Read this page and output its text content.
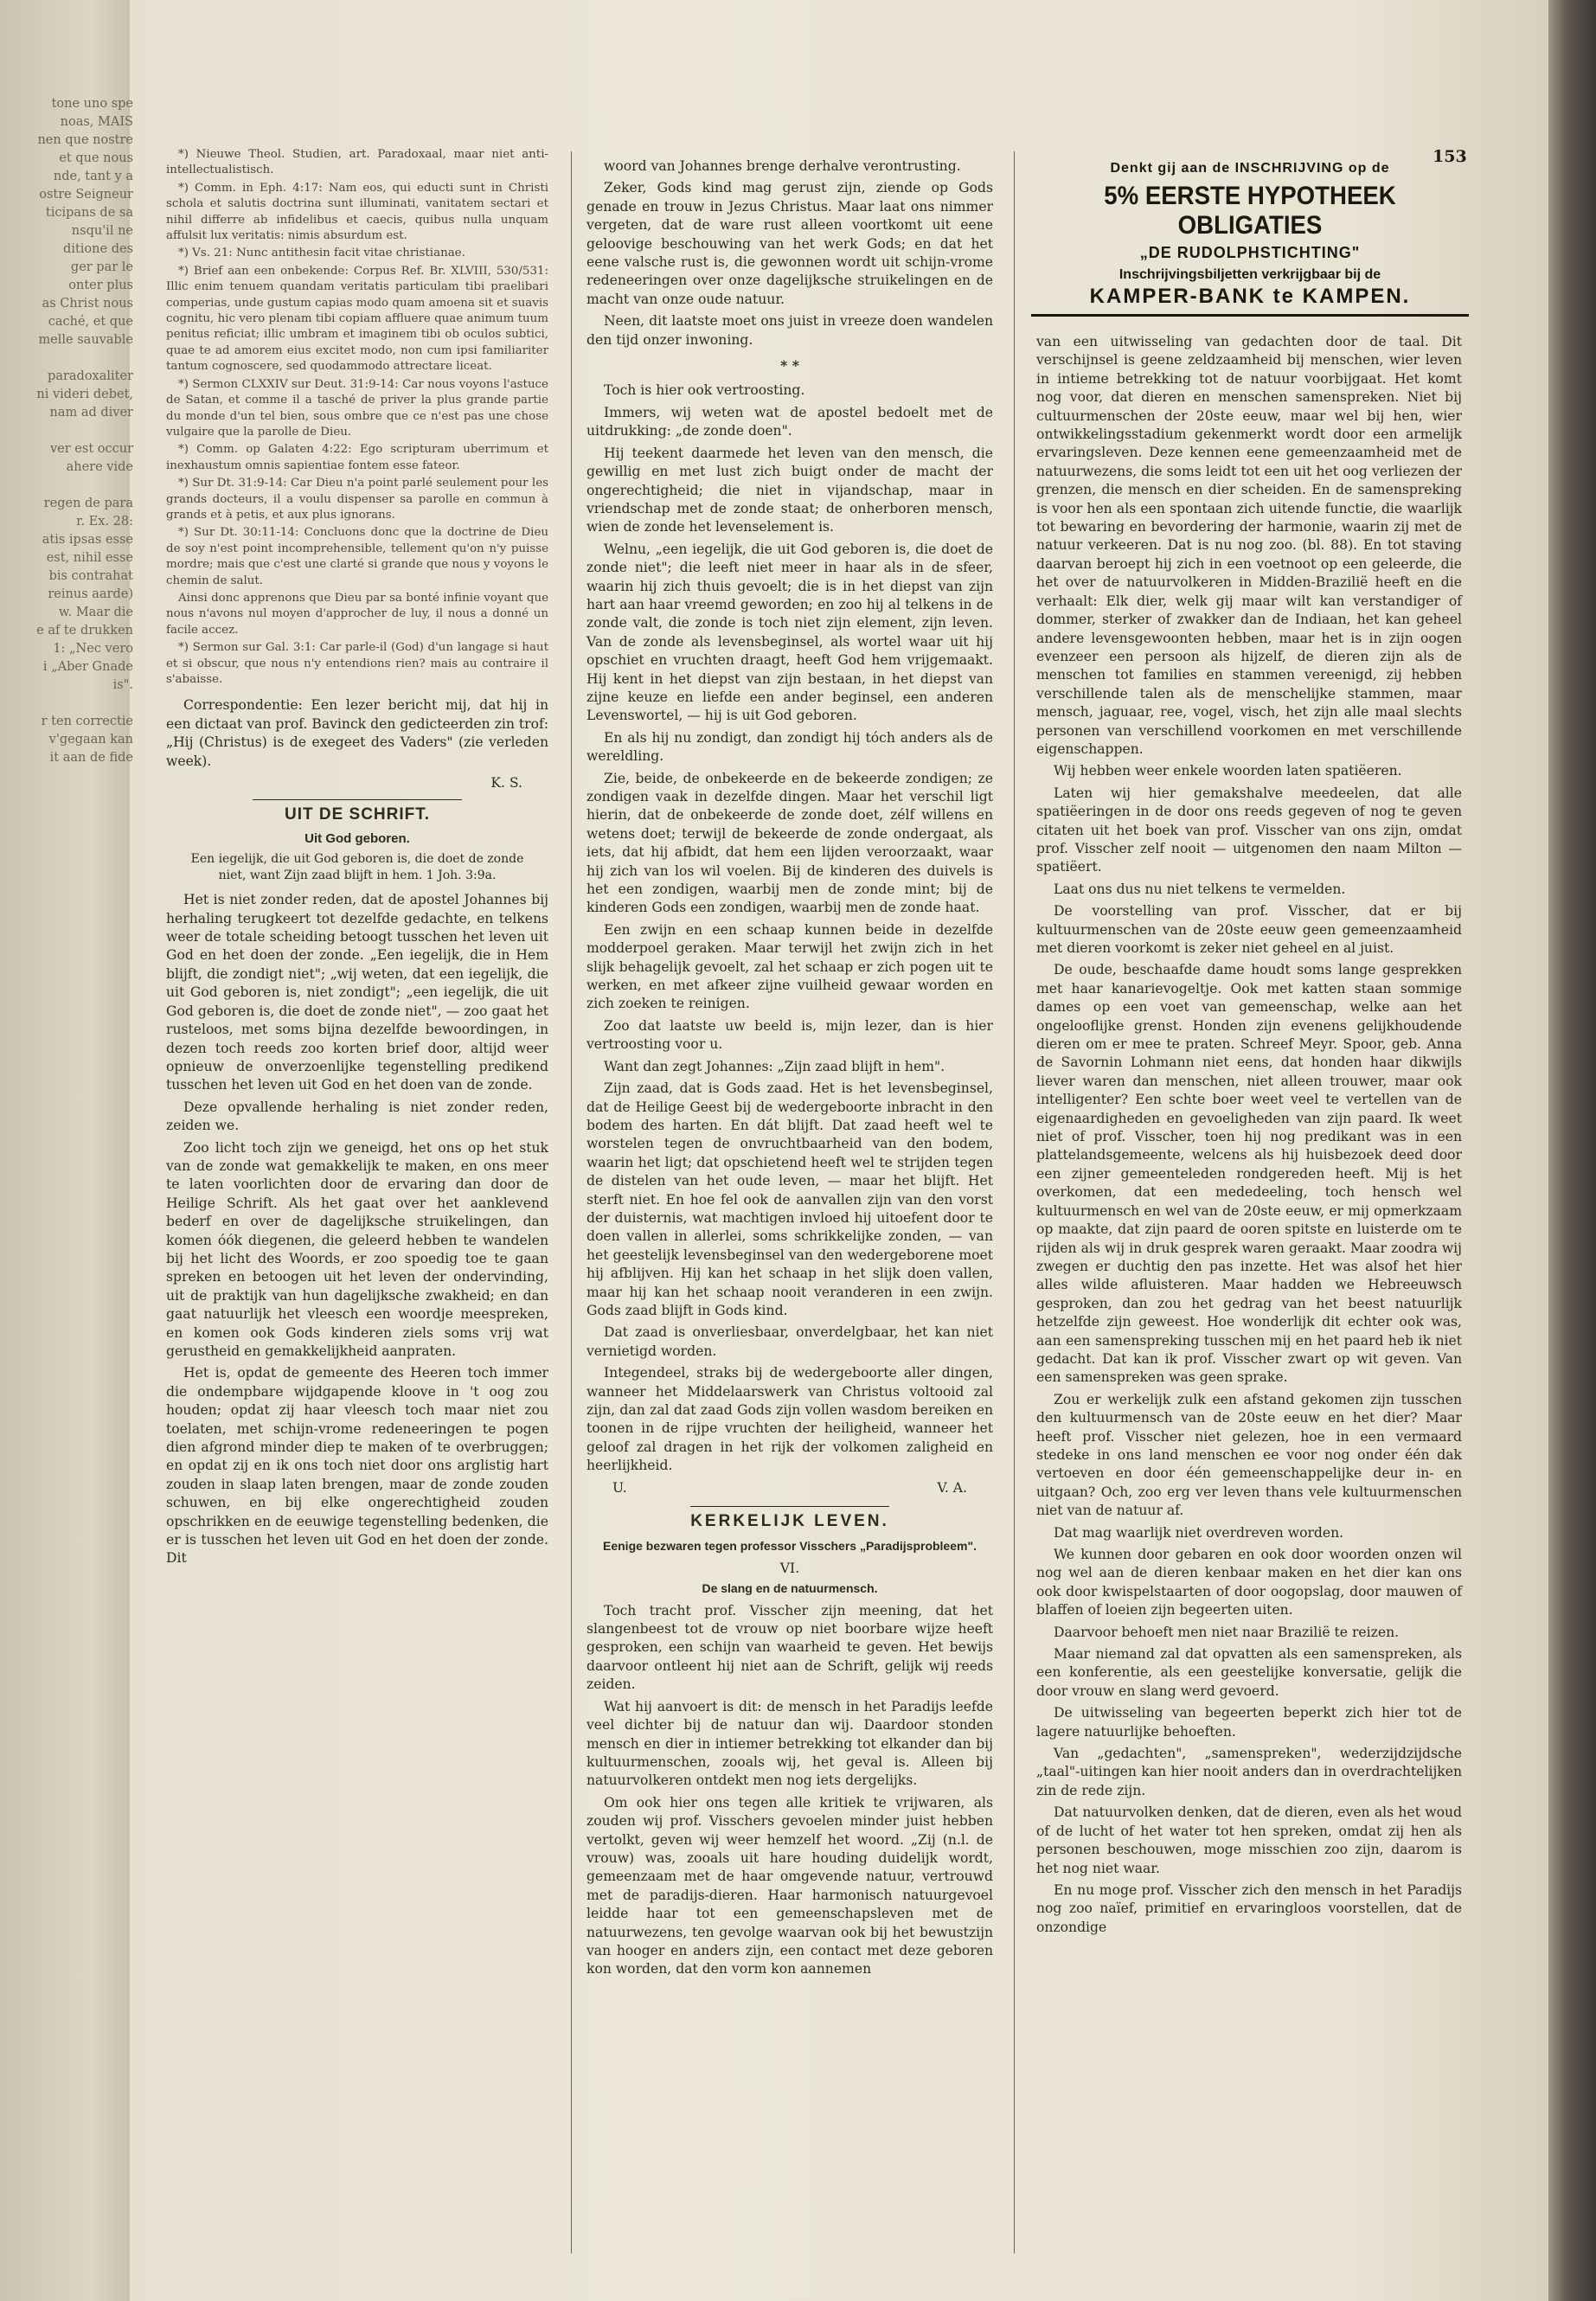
tone uno spe
noas, MAIS
nen que nostre
et que nous
nde, tant y a
ostre Seigneur
ticipans de sa
nsqu'il ne
ditione des
ger par le
onter plus
as Christ nous
caché, et que
melle sauvable

paradoxaliter
ni videri debet,
nam ad diver

ver est occur
ahere vide

regen de para
r. Ex. 28:
atis ipsas esse
est, nihil esse
bis contrahat
reinus aarde)
w. Maar die
e af te drukken
1: „Nec vero
i „Aber Gnade
is".

r ten correctie
v'gegaan kan
it aan de fide
153
Denkt gij aan de INSCHRIJVING op de
5% EERSTE HYPOTHEEK OBLIGATIES
„DE RUDOLPHSTICHTING"
Inschrijvingsbiljetten verkrijgbaar bij de
KAMPER-BANK te KAMPEN.

*) Nieuwe Theol. Studien, art. Paradoxaal, maar niet anti-intellectualistisch.

*) Comm. in Eph. 4:17: Nam eos, qui educti sunt in Christi schola et salutis doctrina sunt illuminati, vanitatem sectari et nihil differre ab infidelibus et caecis, quibus nulla unquam affulsit lux veritatis: nimis absurdum est.

*) Vs. 21: Nunc antithesin facit vitae christianae.

*) Brief aan een onbekende: Corpus Ref. Br. XLVIII, 530/531: Illic enim tenuem quandam veritatis particulam tibi praelibari comperias, unde gustum capias modo quam amoena sit et suavis cognitu, hic vero plenam tibi copiam affluere quae animum tuum penitus reficiat; illic umbram et imaginem tibi ob oculos subtici, quae te ad amorem eius excitet modo, non cum ipsi familiariter tantum cognoscere, sed quodammodo attrectare liceat.

*) Sermon CLXXIV sur Deut. 31:9-14: Car nous voyons l'astuce de Satan, et comme il a tasché de priver la plus grande partie du monde d'un tel bien, sous ombre que ce n'est pas une chose vulgaire que la parolle de Dieu.

*) Comm. op Galaten 4:22: Ego scripturam uberrimum et inexhaustum omnis sapientiae fontem esse fateor.

*) Sur Dt. 31:9-14: Car Dieu n'a point parlé seulement pour les grands docteurs, il a voulu dispenser sa parolle en commun à grands et à petis, et aux plus ignorans.

*) Sur Dt. 30:11-14: Concluons donc que la doctrine de Dieu de soy n'est point incomprehensible, tellement qu'on n'y puisse mordre; mais que c'est une clarté si grande que nous y voyons le chemin de salut.

Ainsi donc apprenons que Dieu par sa bonté infinie voyant que nous n'avons nul moyen d'approcher de luy, il nous a donné un facile accez.

*) Sermon sur Gal. 3:1: Car parle-il (God) d'un langage si haut et si obscur, que nous n'y entendions rien? mais au contraire il s'abaisse.

Correspondentie: Een lezer bericht mij, dat hij in een dictaat van prof. Bavinck den gedicteerden zin trof: „Hij (Christus) is de exegeet des Vaders" (zie verleden week).

K. S.
UIT DE SCHRIFT.
Uit God geboren.
Een iegelijk, die uit God geboren is, die doet de zonde niet, want Zijn zaad blijft in hem. 1 Joh. 3:9a.

Het is niet zonder reden, dat de apostel Johannes bij herhaling terugkeert tot dezelfde gedachte, en telkens weer de totale scheiding betoogt tusschen het leven uit God en het doen der zonde. „Een iegelijk, die in Hem blijft, die zondigt niet"; „wij weten, dat een iegelijk, die uit God geboren is, niet zondigt"; „een iegelijk, die uit God geboren is, die doet de zonde niet", — zoo gaat het rusteloos, met soms bijna dezelfde bewoordingen, in dezen toch reeds zoo korten brief door, altijd weer opnieuw de onverzoenlijke tegenstelling predikend tusschen het leven uit God en het doen van de zonde.

Deze opvallende herhaling is niet zonder reden, zeiden we.

Zoo licht toch zijn we geneigd, het ons op het stuk van de zonde wat gemakkelijk te maken, en ons meer te laten voorlichten door de ervaring dan door de Heilige Schrift. Als het gaat over het aanklevend bederf en over de dagelijksche struikelingen, dan komen óók diegenen, die geleerd hebben te wandelen bij het licht des Woords, er zoo spoedig toe te gaan spreken en betoogen uit het leven der ondervinding, uit de praktijk van hun dagelijksche zwakheid; en dan gaat natuurlijk het vleesch een woordje meespreken, en komen ook Gods kinderen ziels soms vrij wat gerustheid en gemakkelijkheid aanpraten.

Het is, opdat de gemeente des Heeren toch immer die ondempbare wijdgapende kloove in 't oog zou houden; opdat zij haar vleesch toch maar niet zou toelaten, met schijn-vrome redeneeringen te pogen dien afgrond minder diep te maken of te overbruggen; en opdat zij en ik ons toch niet door ons arglistig hart zouden in slaap laten brengen, maar de zonde zouden schuwen, en bij elke ongerechtigheid zouden opschrikken en de eeuwige tegenstelling bedenken, die er is tusschen het leven uit God en het doen der zonde. Dit

woord van Johannes brenge derhalve verontrusting.

Zeker, Gods kind mag gerust zijn, ziende op Gods genade en trouw in Jezus Christus. Maar laat ons nimmer vergeten, dat de ware rust alleen voortkomt uit eene geloovige beschouwing van het werk Gods; en dat het eene valsche rust is, die gewonnen wordt uit schijn-vrome redeneeringen over onze dagelijksche struikelingen en de macht van onze oude natuur.

Neen, dit laatste moet ons juist in vreeze doen wandelen den tijd onzer inwoning.

* *

Toch is hier ook vertroosting.

Immers, wij weten wat de apostel bedoelt met de uitdrukking: „de zonde doen".

Hij teekent daarmede het leven van den mensch, die gewillig en met lust zich buigt onder de macht der ongerechtigheid; die niet in vijandschap, maar in vriendschap met de zonde staat; de onherboren mensch, wien de zonde het levenselement is.

Welnu, „een iegelijk, die uit God geboren is, die doet de zonde niet"; die leeft niet meer in haar als in de sfeer, waarin hij zich thuis gevoelt; die is in het diepst van zijn hart aan haar vreemd geworden; en zoo hij al telkens in de zonde valt, die zonde is toch niet zijn element, zijn leven. Van de zonde als levensbeginsel, als wortel waar uit hij opschiet en vruchten draagt, heeft God hem vrijgemaakt. Hij kent in het diepst van zijn bestaan, in het diepst van zijne keuze en liefde een ander beginsel, een anderen Levenswortel, — hij is uit God geboren.

En als hij nu zondigt, dan zondigt hij tóch anders als de wereldling.

Zie, beide, de onbekeerde en de bekeerde zondigen; ze zondigen vaak in dezelfde dingen. Maar het verschil ligt hierin, dat de onbekeerde de zonde doet, zélf willens en wetens doet; terwijl de bekeerde de zonde ondergaat, als iets, dat hij afbidt, dat hem een lijden veroorzaakt, waar hij zich van los wil voelen. Bij de kinderen des duivels is het een zondigen, waarbij men de zonde mint; bij de kinderen Gods een zondigen, waarbij men de zonde haat.

Een zwijn en een schaap kunnen beide in dezelfde modderpoel geraken. Maar terwijl het zwijn zich in het slijk behagelijk gevoelt, zal het schaap er zich pogen uit te werken, en met afkeer zijne vuilheid gewaar worden en zich zoeken te reinigen.

Zoo dat laatste uw beeld is, mijn lezer, dan is hier vertroosting voor u.

Want dan zegt Johannes: „Zijn zaad blijft in hem".

Zijn zaad, dat is Gods zaad. Het is het levensbeginsel, dat de Heilige Geest bij de wedergeboorte inbracht in den bodem des harten. En dát blijft. Dat zaad heeft wel te worstelen tegen de onvruchtbaarheid van den bodem, waarin het ligt; dat opschietend heeft wel te strijden tegen de distelen van het oude leven, — maar het blijft. Het sterft niet. En hoe fel ook de aanvallen zijn van den vorst der duisternis, wat machtigen invloed hij uitoefent door te doen vallen in allerlei, soms schrikkelijke zonden, — van het geestelijk levensbeginsel van den wedergeborene moet hij afblijven. Hij kan het schaap in het slijk doen vallen, maar hij kan het schaap nooit veranderen in een zwijn. Gods zaad blijft in Gods kind.

Dat zaad is onverliesbaar, onverdelgbaar, het kan niet vernietigd worden.

Integendeel, straks bij de wedergeboorte aller dingen, wanneer het Middelaarswerk van Christus voltooid zal zijn, dan zal dat zaad Gods zijn vollen wasdom bereiken en toonen in de rijpe vruchten der heiligheid, wanneer het geloof zal dragen in het rijk der volkomen zaligheid en heerlijkheid.

U.	V. A.
KERKELIJK LEVEN.
Eenige bezwaren tegen professor Visschers „Paradijsprobleem".
VI.
De slang en de natuurmensch.

Toch tracht prof. Visscher zijn meening, dat het slangenbeest tot de vrouw op niet boorbare wijze heeft gesproken, een schijn van waarheid te geven. Het bewijs daarvoor ontleent hij niet aan de Schrift, gelijk wij reeds zeiden.

Wat hij aanvoert is dit: de mensch in het Paradijs leefde veel dichter bij de natuur dan wij. Daardoor stonden mensch en dier in intiemer betrekking tot elkander dan bij kultuurmenschen, zooals wij, het geval is. Alleen bij natuurvolkeren ontdekt men nog iets dergelijks.

Om ook hier ons tegen alle kritiek te vrijwaren, als zouden wij prof. Visschers gevoelen minder juist hebben vertolkt, geven wij weer hemzelf het woord. „Zij (n.l. de vrouw) was, zooals uit hare houding duidelijk wordt, gemeenzaam met de haar omgevende natuur, vertrouwd met de paradijs-dieren. Haar harmonisch natuurgevoel leidde haar tot een gemeenschapsleven met de natuurwezens, ten gevolge waarvan ook bij het bewustzijn van hooger en anders zijn, een contact met deze geboren kon worden, dat den vorm kon aannemen

van een uitwisseling van gedachten door de taal. Dit verschijnsel is geene zeldzaamheid bij menschen, wier leven in intieme betrekking tot de natuur voorbijgaat. Het komt nog voor, dat dieren en menschen samenspreken. Niet bij cultuurmenschen der 20ste eeuw, maar wel bij hen, wier ontwikkelingsstadium gekenmerkt wordt door een armelijk ervaringsleven. Deze kennen eene gemeenzaamheid met de natuurwezens, die soms leidt tot een uit het oog verliezen der grenzen, die mensch en dier scheiden. En de samenspreking is voor hen als een spontaan zich uitende functie, die waarlijk tot bewaring en bevordering der harmonie, waarin zij met de natuur verkeeren. Dat is nu nog zoo. (bl. 88). En tot staving daarvan beroept hij zich in een voetnoot op een geleerde, die het over de natuurvolkeren in Midden-Brazilië heeft en die verhaalt: Elk dier, welk gij maar wilt kan verstandiger of dommer, sterker of zwakker dan de Indiaan, het kan geheel andere levensgewoonten hebben, maar het is in zijn oogen evenzeer een persoon als hijzelf, de dieren zijn als de menschen tot families en stammen vereenigd, zij hebben verschillende talen als de menschelijke stammen, maar mensch, jaguaar, ree, vogel, visch, het zijn alle maal slechts personen van verschillend voorkomen en met verschillende eigenschappen.

Wij hebben weer enkele woorden laten spatiëeren.

Laten wij hier gemakshalve meedeelen, dat alle spatiëeringen in de door ons reeds gegeven of nog te geven citaten uit het boek van prof. Visscher van ons zijn, omdat prof. Visscher zelf nooit — uitgenomen den naam Milton — spatiëert.

Laat ons dus nu niet telkens te vermelden.

De voorstelling van prof. Visscher, dat er bij kultuurmenschen van de 20ste eeuw geen gemeenzaamheid met dieren voorkomt is zeker niet geheel en al juist.

De oude, beschaafde dame houdt soms lange gesprekken met haar kanarievogeltje. Ook met katten staan sommige dames op een voet van gemeenschap, welke aan het ongelooflijke grenst. Honden zijn evenens gelijkhoudende dieren om er mee te praten. Schreef Meyr. Spoor, geb. Anna de Savornin Lohmann niet eens, dat honden haar dikwijls liever waren dan menschen, niet alleen trouwer, maar ook intelligenter? Een schte boer weet veel te vertellen van de eigenaardigheden en gevoeligheden van zijn paard. Ik weet niet of prof. Visscher, toen hij nog predikant was in een plattelandsgemeente, welcens als hij huisbezoek deed door een zijner gemeenteleden rondgereden heeft. Mij is het overkomen, dat een mededeeling, toch hensch wel kultuurmensch en wel van de 20ste eeuw, er mij opmerkzaam op maakte, dat zijn paard de ooren spitste en luisterde om te rijden als wij in druk gesprek waren geraakt. Maar zoodra wij zwegen er duchtig den pas inzette. Het was alsof het hier alles wilde afluisteren. Maar hadden we Hebreeuwsch gesproken, dan zou het gedrag van het beest natuurlijk hetzelfde zijn geweest. Hoe wonderlijk dit echter ook was, aan een samenspreking tusschen mij en het paard heb ik niet gedacht. Dat kan ik prof. Visscher zwart op wit geven. Van een samenspreken was geen sprake.

Zou er werkelijk zulk een afstand gekomen zijn tusschen den kultuurmensch van de 20ste eeuw en het dier? Maar heeft prof. Visscher niet gelezen, hoe in een vermaard stedeke in ons land menschen ee voor nog onder één dak vertoeven en door één gemeenschappelijke deur in- en uitgaan? Och, zoo erg ver leven thans vele kultuurmenschen niet van de natuur af.

Dat mag waarlijk niet overdreven worden.

We kunnen door gebaren en ook door woorden onzen wil nog wel aan de dieren kenbaar maken en het dier kan ons ook door kwispelstaarten of door oogopslag, door mauwen of blaffen of loeien zijn begeerten uiten.

Daarvoor behoeft men niet naar Brazilië te reizen.

Maar niemand zal dat opvatten als een samenspreken, als een konferentie, als een geestelijke konversatie, gelijk die door vrouw en slang werd gevoerd.

De uitwisseling van begeerten beperkt zich hier tot de lagere natuurlijke behoeften.

Van „gedachten", „samenspreken", wederzijdzijdsche „taal"-uitingen kan hier nooit anders dan in overdrachtelijken zin de rede zijn.

Dat natuurvolken denken, dat de dieren, even als het woud of de lucht of het water tot hen spreken, omdat zij hen als personen beschouwen, moge misschien zoo zijn, daarom is het nog niet waar.

En nu moge prof. Visscher zich den mensch in het Paradijs nog zoo naïef, primitief en ervaringloos voorstellen, dat de onzondige
